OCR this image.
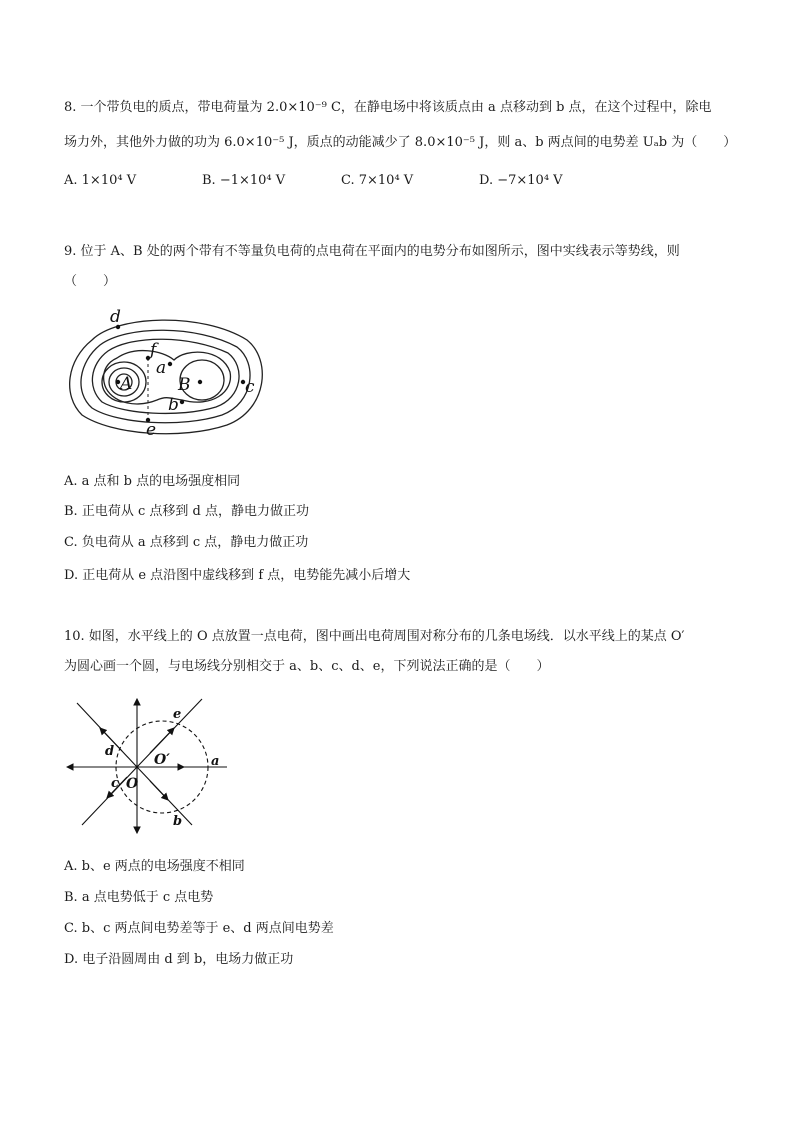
8. 一个带负电的质点，带电荷量为 2.0×10⁻⁹ C，在静电场中将该质点由 a 点移动到 b 点，在这个过程中，除电
场力外，其他外力做的功为 6.0×10⁻⁵ J，质点的动能减少了 8.0×10⁻⁵ J，则 a、b 两点间的电势差 Uₐb 为（　　）
A. 1×10⁴ V	B. −1×10⁴ V	C. 7×10⁴ V	D. −7×10⁴ V
9. 位于 A、B 处的两个带有不等量负电荷的点电荷在平面内的电势分布如图所示，图中实线表示等势线，则
（　　）
d
f
a
A	B	c
b
e
A. a 点和 b 点的电场强度相同
B. 正电荷从 c 点移到 d 点，静电力做正功
C. 负电荷从 a 点移到 c 点，静电力做正功
D. 正电荷从 e 点沿图中虚线移到 f 点，电势能先减小后增大
10. 如图，水平线上的 O 点放置一点电荷，图中画出电荷周围对称分布的几条电场线．以水平线上的某点 O′
为圆心画一个圆，与电场线分别相交于 a、b、c、d、e，下列说法正确的是（　　）
e
d
O′	a
c O
b
A. b、e 两点的电场强度不相同
B. a 点电势低于 c 点电势
C. b、c 两点间电势差等于 e、d 两点间电势差
D. 电子沿圆周由 d 到 b，电场力做正功
